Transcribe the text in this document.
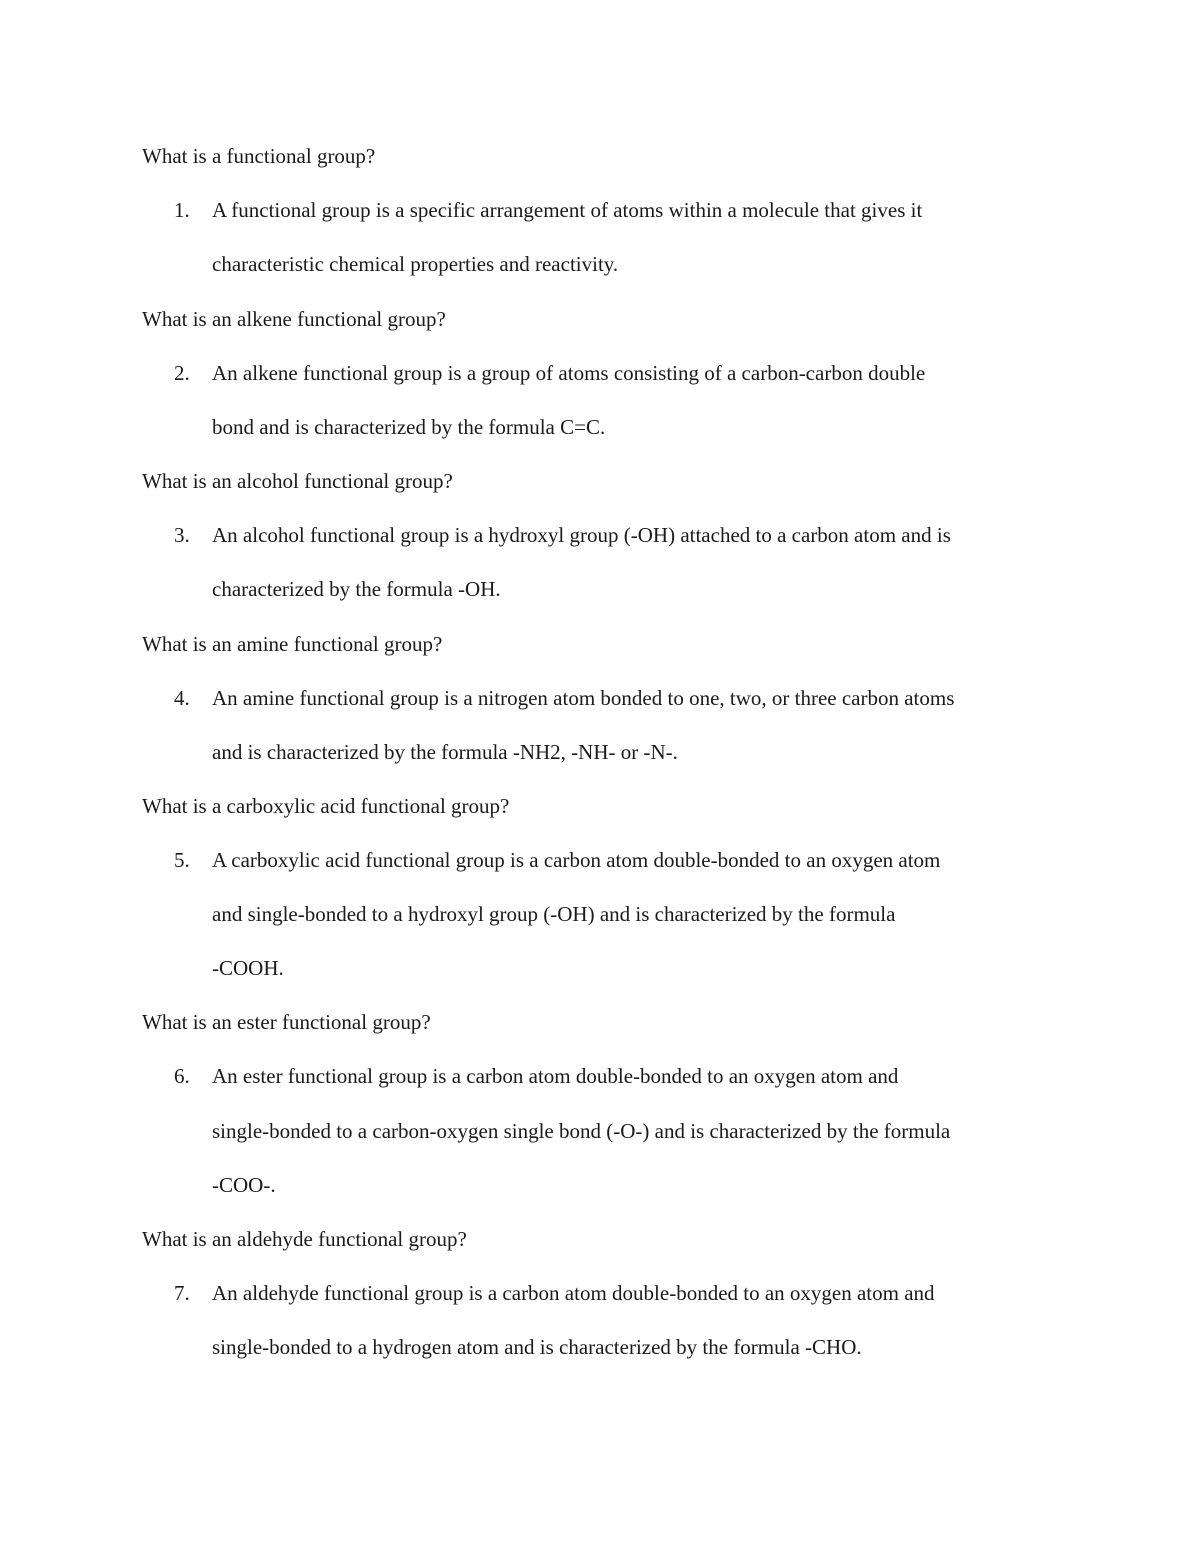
What is a functional group?
1. A functional group is a specific arrangement of atoms within a molecule that gives it
characteristic chemical properties and reactivity.
What is an alkene functional group?
2. An alkene functional group is a group of atoms consisting of a carbon-carbon double
bond and is characterized by the formula C=C.
What is an alcohol functional group?
3. An alcohol functional group is a hydroxyl group (-OH) attached to a carbon atom and is
characterized by the formula -OH.
What is an amine functional group?
4. An amine functional group is a nitrogen atom bonded to one, two, or three carbon atoms
and is characterized by the formula -NH2, -NH- or -N-.
What is a carboxylic acid functional group?
5. A carboxylic acid functional group is a carbon atom double-bonded to an oxygen atom
and single-bonded to a hydroxyl group (-OH) and is characterized by the formula
-COOH.
What is an ester functional group?
6. An ester functional group is a carbon atom double-bonded to an oxygen atom and
single-bonded to a carbon-oxygen single bond (-O-) and is characterized by the formula
-COO-.
What is an aldehyde functional group?
7. An aldehyde functional group is a carbon atom double-bonded to an oxygen atom and
single-bonded to a hydrogen atom and is characterized by the formula -CHO.
